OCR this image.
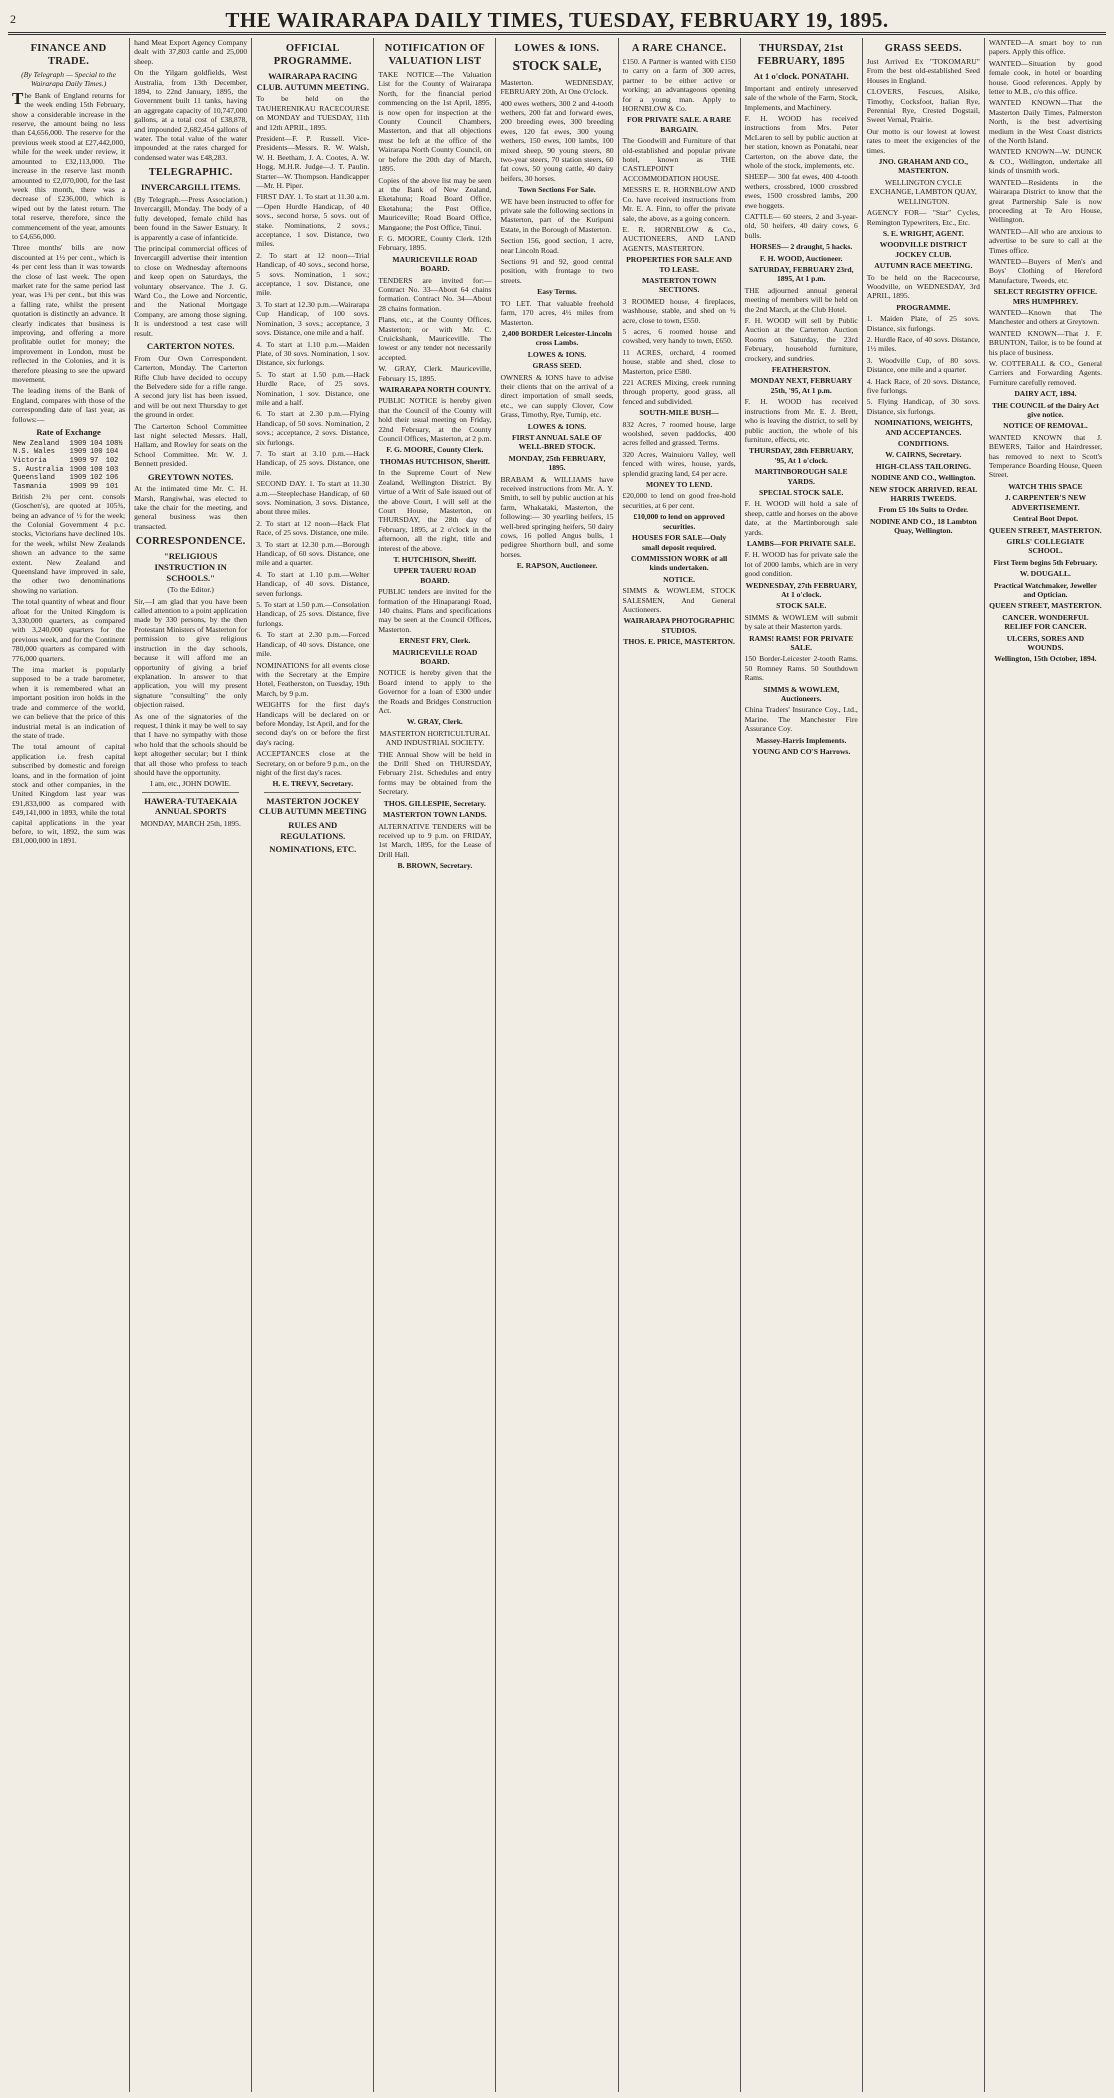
2	THE WAIRARAPA DAILY TIMES, TUESDAY, FEBRUARY 19, 1895.
FINANCE AND TRADE.

(By Telegraph — Special to the Wairarapa Daily Times.)

The Bank of England returns for the week ending 15th February, show a considerable increase in the reserve, the amount being no less than £4,656,000. The reserve for the previous week stood at £27,442,000, while for the week under review, it amounted to £32,113,000. The increase in the reserve last month amounted to £2,070,000, for the last week this month, there was a decrease of £236,000, which is wiped out by the latest return. The total reserve, therefore, since the commencement of the year, amounts to £4,656,000.

Three months' bills are now discounted at 1½ per cent., which is 4s per cent less than it was towards the close of last week. The open market rate for the same period last year, was 1¾ per cent., but this was a falling rate, whilst the present quotation is distinctly an advance. It clearly indicates that business is improving, and offering a more profitable outlet for money; the improvement in London, must be reflected in the Colonies, and it is therefore pleasing to see the upward movement.

The leading items of the Bank of England, compares with those of the corresponding date of last year, as follows:—

Rate of Exchange
New Zealand	1909	104	108½
N.S. Wales	1909	100	104
Victoria	1909	97	102
S. Australia	1900	100	103
Queensland	1909	102	106
Tasmania	1909	99	101

British 2¾ per cent. consols (Goschen's), are quoted at 105¾, being an advance of ½ for the week; the Colonial Government 4 p.c. stocks, Victorians have declined 10s. for the week, whilst New Zealands shown an advance to the same extent. New Zealand and Queensland have improved in sale, the other two denominations showing no variation.

The total quantity of wheat and flour afloat for the United Kingdom is 3,330,000 quarters, as compared with 3,240,000 quarters for the previous week, and for the Continent 780,000 quarters as compared with 776,000 quarters.

The ima market is popularly supposed to be a trade barometer, when it is remembered what an important position iron holds in the trade and commerce of the world, we can believe that the price of this industrial metal is an indication of the state of trade.

The total amount of capital application i.e. fresh capital subscribed by domestic and foreign loans, and in the formation of joint stock and other companies, in the United Kingdom last year was £91,833,000 as compared with £49,141,000 in 1893, while the total capital applications in the year before, to wit, 1892, the sum was £81,000,000 in 1891.

hand Meat Export Agency Company dealt with 37,803 cattle and 25,000 sheep.

On the Yilgarn goldfields, West Australia, from 13th December, 1894, to 22nd January, 1895, the Government built 11 tanks, having an aggregate capacity of 10,747,000 gallons, at a total cost of £38,878, and impounded 2,682,454 gallons of water. The total value of the water impounded at the rates charged for condensed water was £48,283.

TELEGRAPHIC.
INVERCARGILL ITEMS.

(By Telegraph.—Press Association.) Invercargill, Monday. The body of a fully developed, female child has been found in the Sawer Estuary. It is apparently a case of infanticide.

The principal commercial offices of Invercargill advertise their intention to close on Wednesday afternoons and keep open on Saturdays, the voluntary observance. The J. G. Ward Co., the Lowe and Norcentic, and the National Mortgage Company, are among those signing. It is understood a test case will result.

CARTERTON NOTES.

From Our Own Correspondent. Carterton, Monday. The Carterton Rifle Club have decided to occupy the Belvedere side for a rifle range. A second jury list has been issued, and will be out next Thursday to get the ground in order.

The Carterton School Committee last night selected Messrs. Hall, Hallam, and Rowley for seats on the School Committee. Mr. W. J. Bennett presided.

GREYTOWN NOTES.

At the intimated time Mr. C. H. Marsh, Rangiwhai, was elected to take the chair for the meeting, and general business was then transacted.

CORRESPONDENCE.
"RELIGIOUS INSTRUCTION IN SCHOOLS."

(To the Editor.)

Sir,—I am glad that you have been called attention to a point application made by 330 persons, by the then Protestant Ministers of Masterton for permission to give religious instruction in the day schools, because it will afford me an opportunity of giving a brief explanation. In answer to that application, you will my present signature "consulting" the only objection raised.

As one of the signatories of the request, I think it may be well to say that I have no sympathy with those who hold that the schools should be kept altogether secular; but I think that all those who profess to teach should have the opportunity.

I am, etc., JOHN DOWIE.

HAWERA-TUTAEKAIA ANNUAL SPORTS

MONDAY, MARCH 25th, 1895.

OFFICIAL PROGRAMME.
WAIRARAPA RACING CLUB. AUTUMN MEETING.

To be held on the TAUHERENIKAU RACECOURSE on MONDAY and TUESDAY, 11th and 12th APRIL, 1895.

President—F. P. Russell. Vice-Presidents—Messrs. R. W. Walsh, W. H. Beetham, J. A. Cootes, A. W. Hogg, M.H.R. Judge—J. T. Paulin. Starter—W. Thompson. Handicapper—Mr. H. Piper.

FIRST DAY. 1. To start at 11.30 a.m.—Open Hurdle Handicap, of 40 sovs., second horse, 5 sovs. out of stake. Nominations, 2 sovs.; acceptance, 1 sov. Distance, two miles.

2. To start at 12 noon—Trial Handicap, of 40 sovs., second horse, 5 sovs. Nomination, 1 sov.; acceptance, 1 sov. Distance, one mile.

3. To start at 12.30 p.m.—Wairarapa Cup Handicap, of 100 sovs. Nomination, 3 sovs.; acceptance, 3 sovs. Distance, one mile and a half.

4. To start at 1.10 p.m.—Maiden Plate, of 30 sovs. Nomination, 1 sov. Distance, six furlongs.

5. To start at 1.50 p.m.—Hack Hurdle Race, of 25 sovs. Nomination, 1 sov. Distance, one mile and a half.

6. To start at 2.30 p.m.—Flying Handicap, of 50 sovs. Nomination, 2 sovs.; acceptance, 2 sovs. Distance, six furlongs.

7. To start at 3.10 p.m.—Hack Handicap, of 25 sovs. Distance, one mile.

SECOND DAY. 1. To start at 11.30 a.m.—Steeplechase Handicap, of 60 sovs. Nomination, 3 sovs. Distance, about three miles.

2. To start at 12 noon—Hack Flat Race, of 25 sovs. Distance, one mile.

3. To start at 12.30 p.m.—Borough Handicap, of 60 sovs. Distance, one mile and a quarter.

4. To start at 1.10 p.m.—Welter Handicap, of 40 sovs. Distance, seven furlongs.

5. To start at 1.50 p.m.—Consolation Handicap, of 25 sovs. Distance, five furlongs.

6. To start at 2.30 p.m.—Forced Handicap, of 40 sovs. Distance, one mile.

NOMINATIONS for all events close with the Secretary at the Empire Hotel, Featherston, on Tuesday, 19th March, by 9 p.m.

WEIGHTS for the first day's Handicaps will be declared on or before Monday, 1st April, and for the second day's on or before the first day's racing.

ACCEPTANCES close at the Secretary, on or before 9 p.m., on the night of the first day's races.

H. E. TREVY, Secretary.

MASTERTON JOCKEY CLUB AUTUMN MEETING
RULES AND REGULATIONS.
NOMINATIONS, ETC.
NOTIFICATION OF VALUATION LIST

TAKE NOTICE—The Valuation List for the County of Wairarapa North, for the financial period commencing on the 1st April, 1895, is now open for inspection at the County Council Chambers, Masterton, and that all objections must be left at the office of the Wairarapa North County Council, on or before the 20th day of March, 1895.

Copies of the above list may be seen at the Bank of New Zealand, Eketahuna; Road Board Office, Eketahuna; the Post Office, Mauriceville; Road Board Office, Mangaone; the Post Office, Tinui.

F. G. MOORE, County Clerk. 12th February, 1895.

MAURICEVILLE ROAD BOARD.

TENDERS are invited for:— Contract No. 33—About 64 chains formation. Contract No. 34—About 28 chains formation.

Plans, etc., at the County Offices, Masterton; or with Mr. C. Cruickshank, Mauriceville. The lowest or any tender not necessarily accepted.

W. GRAY, Clerk. Mauriceville, February 15, 1895.

WAIRARAPA NORTH COUNTY.

PUBLIC NOTICE is hereby given that the Council of the County will hold their usual meeting on Friday, 22nd February, at the County Council Offices, Masterton, at 2 p.m.

F. G. MOORE, County Clerk.

THOMAS HUTCHISON, Sheriff.

In the Supreme Court of New Zealand, Wellington District. By virtue of a Writ of Sale issued out of the above Court, I will sell at the Court House, Masterton, on THURSDAY, the 28th day of February, 1895, at 2 o'clock in the afternoon, all the right, title and interest of the above.

T. HUTCHISON, Sheriff.

UPPER TAUERU ROAD BOARD.

PUBLIC tenders are invited for the formation of the Hinaparangi Road, 140 chains. Plans and specifications may be seen at the Council Offices, Masterton.

ERNEST FRY, Clerk.

MAURICEVILLE ROAD BOARD.

NOTICE is hereby given that the Board intend to apply to the Governor for a loan of £300 under the Roads and Bridges Construction Act.

W. GRAY, Clerk.

MASTERTON HORTICULTURAL AND INDUSTRIAL SOCIETY.

THE Annual Show will be held in the Drill Shed on THURSDAY, February 21st. Schedules and entry forms may be obtained from the Secretary.

THOS. GILLESPIE, Secretary.

MASTERTON TOWN LANDS.

ALTERNATIVE TENDERS will be received up to 9 p.m. on FRIDAY, 1st March, 1895, for the Lease of Drill Hall.

B. BROWN, Secretary.

LOWES & IONS.
STOCK SALE,

Masterton. WEDNESDAY, FEBRUARY 20th, At One O'clock.

400 ewes wethers, 300 2 and 4-tooth wethers, 200 fat and forward ewes, 200 breeding ewes, 300 breeding ewes, 120 fat ewes, 300 young wethers, 150 ewes, 100 lambs, 100 mixed sheep, 90 young steers, 80 two-year steers, 70 station steers, 60 fat cows, 50 young cattle, 40 dairy heifers, 30 horses.

Town Sections For Sale.

WE have been instructed to offer for private sale the following sections in Masterton, part of the Kuripuni Estate, in the Borough of Masterton.

Section 156, good section, 1 acre, near Lincoln Road.

Sections 91 and 92, good central position, with frontage to two streets.

Easy Terms.

TO LET. That valuable freehold farm, 170 acres, 4½ miles from Masterton.

2,400 BORDER Leicester-Lincoln cross Lambs.

LOWES & IONS.

GRASS SEED.

OWNERS & IONS have to advise their clients that on the arrival of a direct importation of small seeds, etc., we can supply Clover, Cow Grass, Timothy, Rye, Turnip, etc.

LOWES & IONS.

FIRST ANNUAL SALE OF WELL-BRED STOCK.

MONDAY, 25th FEBRUARY, 1895.

BRABAM & WILLIAMS have received instructions from Mr. A. Y. Smith, to sell by public auction at his farm, Whakataki, Masterton, the following:— 30 yearling heifers, 15 well-bred springing heifers, 50 dairy cows, 16 polled Angus bulls, 1 pedigree Shorthorn bull, and some horses.

E. RAPSON, Auctioneer.

A RARE CHANCE.

£150. A Partner is wanted with £150 to carry on a farm of 300 acres, partner to be either active or working; an advantageous opening for a young man. Apply to HORNBLOW & Co.

FOR PRIVATE SALE. A RARE BARGAIN.

The Goodwill and Furniture of that old-established and popular private hotel, known as THE CASTLEPOINT ACCOMMODATION HOUSE.

MESSRS E. R. HORNBLOW AND Co. have received instructions from Mr. E. A. Finn, to offer the private sale, the above, as a going concern.

E. R. HORNBLOW & Co., AUCTIONEERS, AND LAND AGENTS, MASTERTON.

PROPERTIES FOR SALE AND TO LEASE.

MASTERTON TOWN SECTIONS.

3 ROOMED house, 4 fireplaces, washhouse, stable, and shed on ½ acre, close to town, £550.

5 acres, 6 roomed house and cowshed, very handy to town, £650.

11 ACRES, orchard, 4 roomed house, stable and shed, close to Masterton, price £580.

221 ACRES Mixing, creek running through property, good grass, all fenced and subdivided.

SOUTH-MILE BUSH—

832 Acres, 7 roomed house, large woolshed, seven paddocks, 400 acres felled and grassed. Terms.

320 Acres, Wainuioru Valley, well fenced with wires, house, yards, splendid grazing land, £4 per acre.

MONEY TO LEND.

£20,000 to lend on good free-hold securities, at 6 per cent.

£10,000 to lend on approved securities.

HOUSES FOR SALE—Only small deposit required.

COMMISSION WORK of all kinds undertaken.

NOTICE.

SIMMS & WOWLEM, STOCK SALESMEN, And General Auctioneers.

WAIRARAPA PHOTOGRAPHIC STUDIOS.

THOS. E. PRICE, MASTERTON.

THURSDAY, 21st FEBRUARY, 1895
At 1 o'clock. PONATAHI.

Important and entirely unreserved sale of the whole of the Farm, Stock, Implements, and Machinery.

F. H. WOOD has received instructions from Mrs. Peter McLaren to sell by public auction at her station, known as Ponatahi, near Carterton, on the above date, the whole of the stock, implements, etc.

SHEEP— 300 fat ewes, 400 4-tooth wethers, crossbred, 1000 crossbred ewes, 1500 crossbred lambs, 200 ewe hoggets.

CATTLE— 60 steers, 2 and 3-year-old, 50 heifers, 40 dairy cows, 6 bulls.

HORSES— 2 draught, 5 hacks.

F. H. WOOD, Auctioneer.

SATURDAY, FEBRUARY 23rd, 1895, At 1 p.m.

THE adjourned annual general meeting of members will be held on the 2nd March, at the Club Hotel.

F. H. WOOD will sell by Public Auction at the Carterton Auction Rooms on Saturday, the 23rd February, household furniture, crockery, and sundries.

FEATHERSTON.

MONDAY NEXT, FEBRUARY 25th, '95, At 1 p.m.

F. H. WOOD has received instructions from Mr. E. J. Brett, who is leaving the district, to sell by public auction, the whole of his furniture, effects, etc.

THURSDAY, 28th FEBRUARY, '95, At 1 o'clock.

MARTINBOROUGH SALE YARDS.

SPECIAL STOCK SALE.

F. H. WOOD will hold a sale of sheep, cattle and horses on the above date, at the Martinborough sale yards.

LAMBS—FOR PRIVATE SALE.

F. H. WOOD has for private sale the lot of 2000 lambs, which are in very good condition.

WEDNESDAY, 27th FEBRUARY, At 1 o'clock.

STOCK SALE.

SIMMS & WOWLEM will submit by sale at their Masterton yards.

RAMS! RAMS! FOR PRIVATE SALE.

150 Border-Leicester 2-tooth Rams. 50 Romney Rams. 50 Southdown Rams.

SIMMS & WOWLEM, Auctioneers.

China Traders' Insurance Coy., Ltd., Marine. The Manchester Fire Assurance Coy.

Massey-Harris Implements.

YOUNG AND CO'S Harrows.

GRASS SEEDS.

Just Arrived Ex "TOKOMARU" From the best old-established Seed Houses in England.

CLOVERS, Fescues, Alsike, Timothy, Cocksfoot, Italian Rye, Perennial Rye, Crested Dogstail, Sweet Vernal, Prairie.

Our motto is our lowest at lowest rates to meet the exigencies of the times.

JNO. GRAHAM AND CO., MASTERTON.

WELLINGTON CYCLE EXCHANGE, LAMBTON QUAY, WELLINGTON.

AGENCY FOR— "Star" Cycles, Remington Typewriters, Etc., Etc.

S. E. WRIGHT, AGENT.

WOODVILLE DISTRICT JOCKEY CLUB.

AUTUMN RACE MEETING.

To be held on the Racecourse, Woodville, on WEDNESDAY, 3rd APRIL, 1895.

PROGRAMME.

1. Maiden Plate, of 25 sovs. Distance, six furlongs.

2. Hurdle Race, of 40 sovs. Distance, 1½ miles.

3. Woodville Cup, of 80 sovs. Distance, one mile and a quarter.

4. Hack Race, of 20 sovs. Distance, five furlongs.

5. Flying Handicap, of 30 sovs. Distance, six furlongs.

NOMINATIONS, WEIGHTS, AND ACCEPTANCES.

CONDITIONS.

W. CAIRNS, Secretary.

HIGH-CLASS TAILORING.

NODINE AND CO., Wellington.

NEW STOCK ARRIVED. REAL HARRIS TWEEDS.

From £5 10s Suits to Order.

NODINE AND CO., 18 Lambton Quay, Wellington.

WANTED—A smart boy to run papers. Apply this office.

WANTED—Situation by good female cook, in hotel or boarding house. Good references. Apply by letter to M.B., c/o this office.

WANTED KNOWN—That the Masterton Daily Times, Palmerston North, is the best advertising medium in the West Coast districts of the North Island.

WANTED KNOWN—W. DUNCK & CO., Wellington, undertake all kinds of tinsmith work.

WANTED—Residents in the Wairarapa District to know that the great Partnership Sale is now proceeding at Te Aro House, Wellington.

WANTED—All who are anxious to advertise to be sure to call at the Times office.

WANTED—Buyers of Men's and Boys' Clothing of Hereford Manufacture, Tweeds, etc.

SELECT REGISTRY OFFICE. MRS HUMPHREY.

WANTED—Known that The Manchester and others at Greytown.

WANTED KNOWN—That J. F. BRUNTON, Tailor, is to be found at his place of business.

W. COTTERALL & CO., General Carriers and Forwarding Agents. Furniture carefully removed.

DAIRY ACT, 1894.

THE COUNCIL of the Dairy Act give notice.

NOTICE OF REMOVAL.

WANTED KNOWN that J. BEWERS, Tailor and Hairdresser, has removed to next to Scott's Temperance Boarding House, Queen Street.

WATCH THIS SPACE

J. CARPENTER'S NEW ADVERTISEMENT.

Central Boot Depot.

QUEEN STREET, MASTERTON.

GIRLS' COLLEGIATE SCHOOL.

First Term begins 5th February.

W. DOUGALL.

Practical Watchmaker, Jeweller and Optician.

QUEEN STREET, MASTERTON.

CANCER. WONDERFUL RELIEF FOR CANCER.

ULCERS, SORES AND WOUNDS.

Wellington, 15th October, 1894.
